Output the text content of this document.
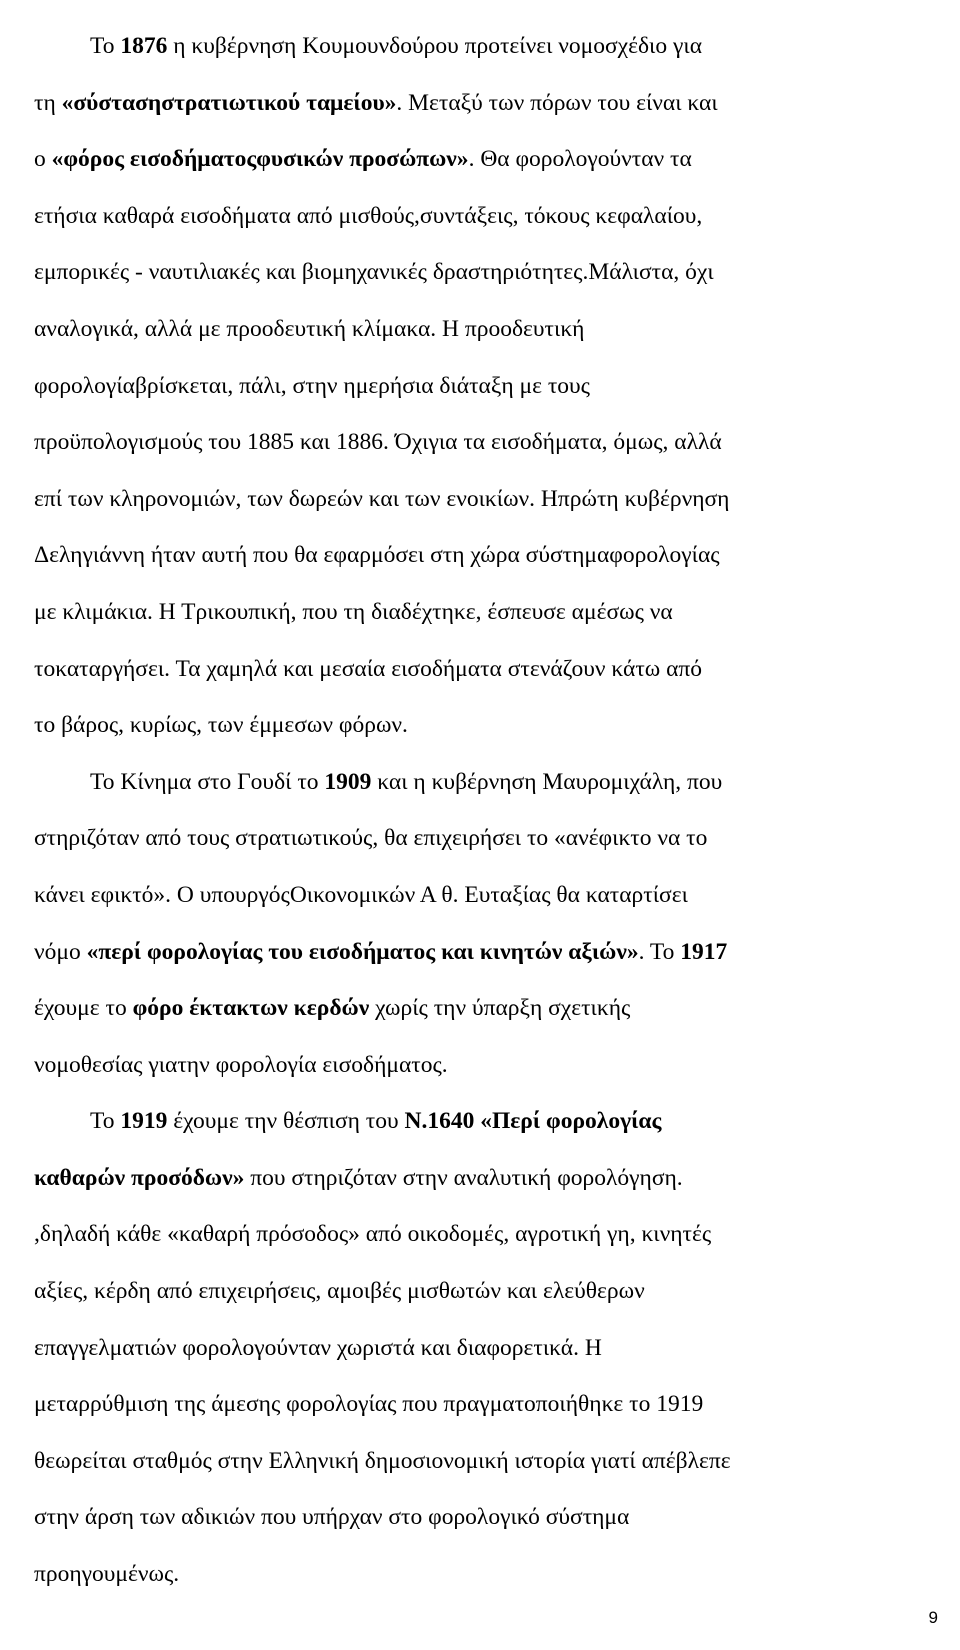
Το 1876 η κυβέρνηση Κουμουνδούρου προτείνει νομοσχέδιο για
τη «σύστασηστρατιωτικού ταμείου». Μεταξύ των πόρων του είναι και
ο «φόρος εισοδήματοςφυσικών προσώπων». Θα φορολογούνταν τα
ετήσια καθαρά εισοδήματα από μισθούς,συντάξεις, τόκους κεφαλαίου,
εμπορικές - ναυτιλιακές και βιομηχανικές δραστηριότητες.Μάλιστα, όχι
αναλογικά, αλλά με προοδευτική κλίμακα. Η προοδευτική
φορολογίαβρίσκεται, πάλι, στην ημερήσια διάταξη με τους
προϋπολογισμούς του 1885 και 1886. Όχιγια τα εισοδήματα, όμως, αλλά
επί των κληρονομιών, των δωρεών και των ενοικίων. Ηπρώτη κυβέρνηση
Δεληγιάννη ήταν αυτή που θα εφαρμόσει στη χώρα σύστημαφορολογίας
με κλιμάκια. Η Τρικουπική, που τη διαδέχτηκε, έσπευσε αμέσως να
τοκαταργήσει. Τα χαμηλά και μεσαία εισοδήματα στενάζουν κάτω από
το βάρος, κυρίως, των έμμεσων φόρων.
Το Κίνημα στο Γουδί το 1909 και η κυβέρνηση Μαυρομιχάλη, που
στηριζόταν από τους στρατιωτικούς, θα επιχειρήσει το «ανέφικτο να το
κάνει εφικτό». Ο υπουργόςΟικονομικών Α θ. Ευταξίας θα καταρτίσει
νόμο «περί φορολογίας του εισοδήματος και κινητών αξιών». Το 1917
έχουμε το φόρο έκτακτων κερδών χωρίς την ύπαρξη σχετικής
νομοθεσίας γιατην φορολογία εισοδήματος.
Το 1919 έχουμε την θέσπιση του Ν.1640 «Περί φορολογίας
καθαρών προσόδων» που στηριζόταν στην αναλυτική φορολόγηση.
,δηλαδή κάθε «καθαρή πρόσοδος» από οικοδομές, αγροτική γη, κινητές
αξίες, κέρδη από επιχειρήσεις, αμοιβές μισθωτών και ελεύθερων
επαγγελματιών φορολογούνταν χωριστά και διαφορετικά. Η
μεταρρύθμιση της άμεσης φορολογίας που πραγματοποιήθηκε το 1919
θεωρείται σταθμός στην Ελληνική δημοσιονομική ιστορία γιατί απέβλεπε
στην άρση των αδικιών που υπήρχαν στο φορολογικό σύστημα
προηγουμένως.
9
